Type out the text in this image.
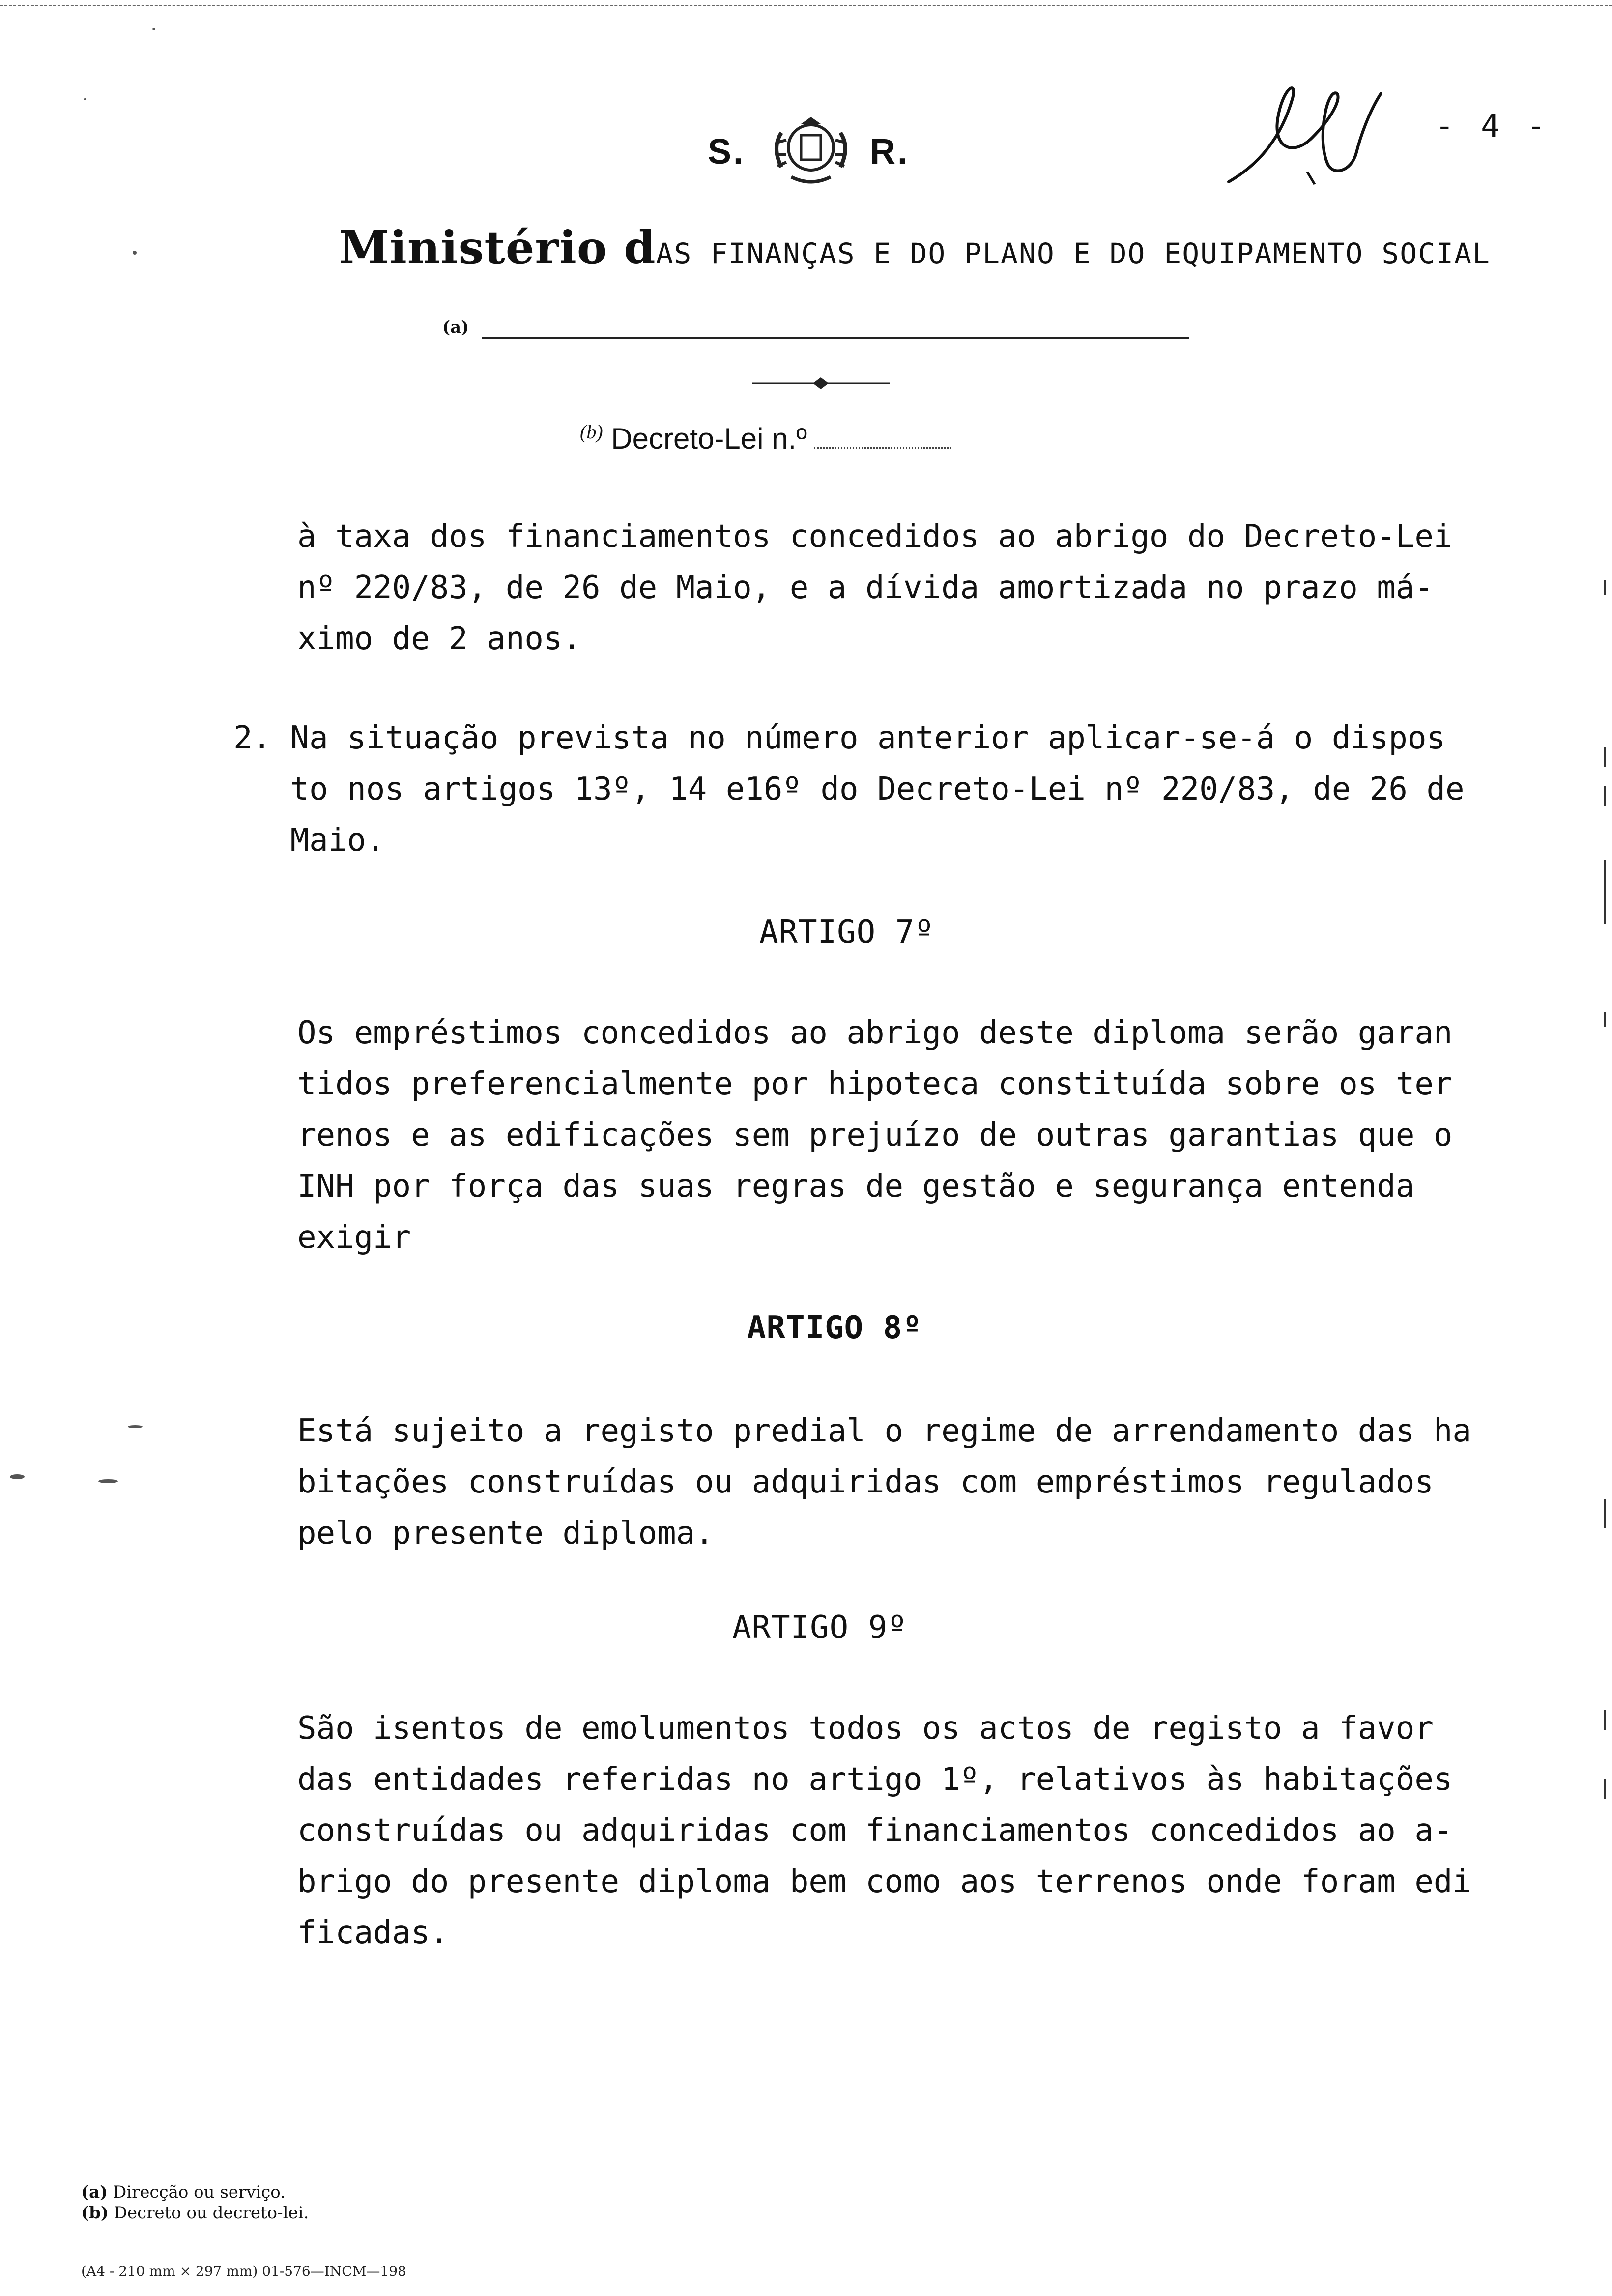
S.	R.
- 4 -
Ministério dAS FINANÇAS E DO PLANO E DO EQUIPAMENTO SOCIAL
(a)
$^{(b)}$ Decreto-Lei n.º
à taxa dos financiamentos concedidos ao abrigo do Decreto-Lei
nº 220/83, de 26 de Maio, e a dívida amortizada no prazo má-
ximo de 2 anos.
2. Na situação prevista no número anterior aplicar-se-á o dispos
to nos artigos 13º, 14 e16º do Decreto-Lei nº 220/83, de 26 de
Maio.
ARTIGO 7º
Os empréstimos concedidos ao abrigo deste diploma serão garan
tidos preferencialmente por hipoteca constituída sobre os ter
renos e as edificações sem prejuízo de outras garantias que o
INH por força das suas regras de gestão e segurança entenda
exigir
ARTIGO 8º
Está sujeito a registo predial o regime de arrendamento das ha
bitações construídas ou adquiridas com empréstimos regulados
pelo presente diploma.
ARTIGO 9º
São isentos de emolumentos todos os actos de registo a favor
das entidades referidas no artigo 1º, relativos às habitações
construídas ou adquiridas com financiamentos concedidos ao a-
brigo do presente diploma bem como aos terrenos onde foram edi
ficadas.
(a) Direcção ou serviço.
(b) Decreto ou decreto-lei.
(A4 - 210 mm × 297 mm) 01-576—INCM—198
